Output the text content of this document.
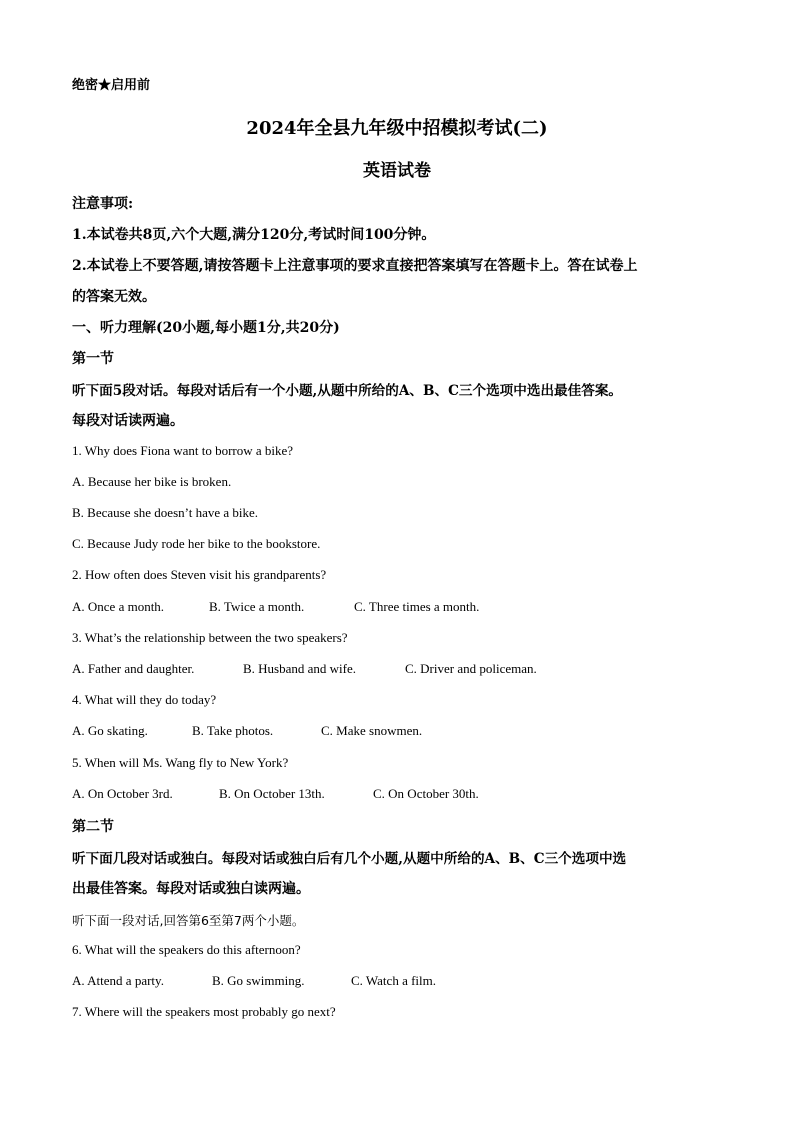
绝密★启用前
2024年全县九年级中招模拟考试(二)
英语试卷
注意事项:
1.本试卷共8页,六个大题,满分120分,考试时间100分钟。
2.本试卷上不要答题,请按答题卡上注意事项的要求直接把答案填写在答题卡上。答在试卷上
的答案无效。
一、听力理解(20小题,每小题1分,共20分)
第一节
听下面5段对话。每段对话后有一个小题,从题中所给的A、B、C三个选项中选出最佳答案。
每段对话读两遍。
1. Why does Fiona want to borrow a bike?
A. Because her bike is broken.
B. Because she doesn’t have a bike.
C. Because Judy rode her bike to the bookstore.
2. How often does Steven visit his grandparents?
A. Once a month.	B. Twice a month.	C. Three times a month.
3. What’s the relationship between the two speakers?
A. Father and daughter.	B. Husband and wife.	C. Driver and policeman.
4. What will they do today?
A. Go skating.	B. Take photos.	C. Make snowmen.
5. When will Ms. Wang fly to New York?
A. On October 3rd.	B. On October 13th.	C. On October 30th.
第二节
听下面几段对话或独白。每段对话或独白后有几个小题,从题中所给的A、B、C三个选项中选
出最佳答案。每段对话或独白读两遍。
听下面一段对话,回答第6至第7两个小题。
6. What will the speakers do this afternoon?
A. Attend a party.	B. Go swimming.	C. Watch a film.
7. Where will the speakers most probably go next?
